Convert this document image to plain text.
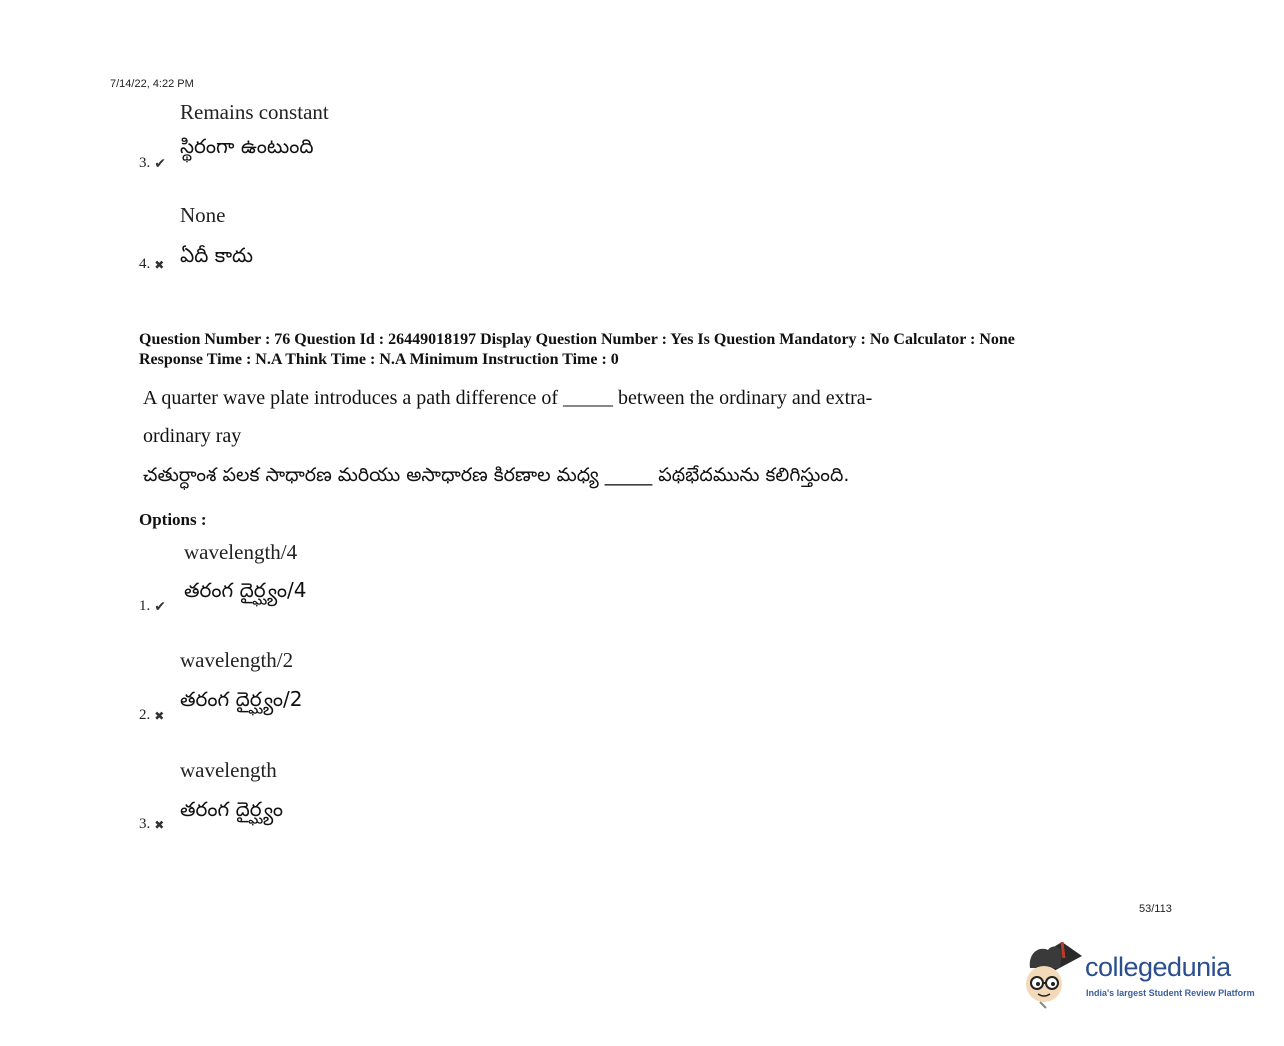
7/14/22, 4:22 PM
Remains constant
స్థిరంగా ఉంటుంది
3. ✔
None
ఏదీ కాదు
4. ✖
Question Number : 76 Question Id : 26449018197 Display Question Number : Yes Is Question Mandatory : No Calculator : None
Response Time : N.A Think Time : N.A Minimum Instruction Time : 0
A quarter wave plate introduces a path difference of _____ between the ordinary and extra-
ordinary ray
చతుర్ధాంశ పలక సాధారణ మరియు అసాధారణ కిరణాల మధ్య _____ పథభేదమును కలిగిస్తుంది.
Options :
wavelength/4
తరంగ దైర్ఘ్యం/4
1. ✔
wavelength/2
తరంగ దైర్ఘ్యం/2
2. ✖
wavelength
తరంగ దైర్ఘ్యం
3. ✖
53/113
collegedunia
India's largest Student Review Platform
